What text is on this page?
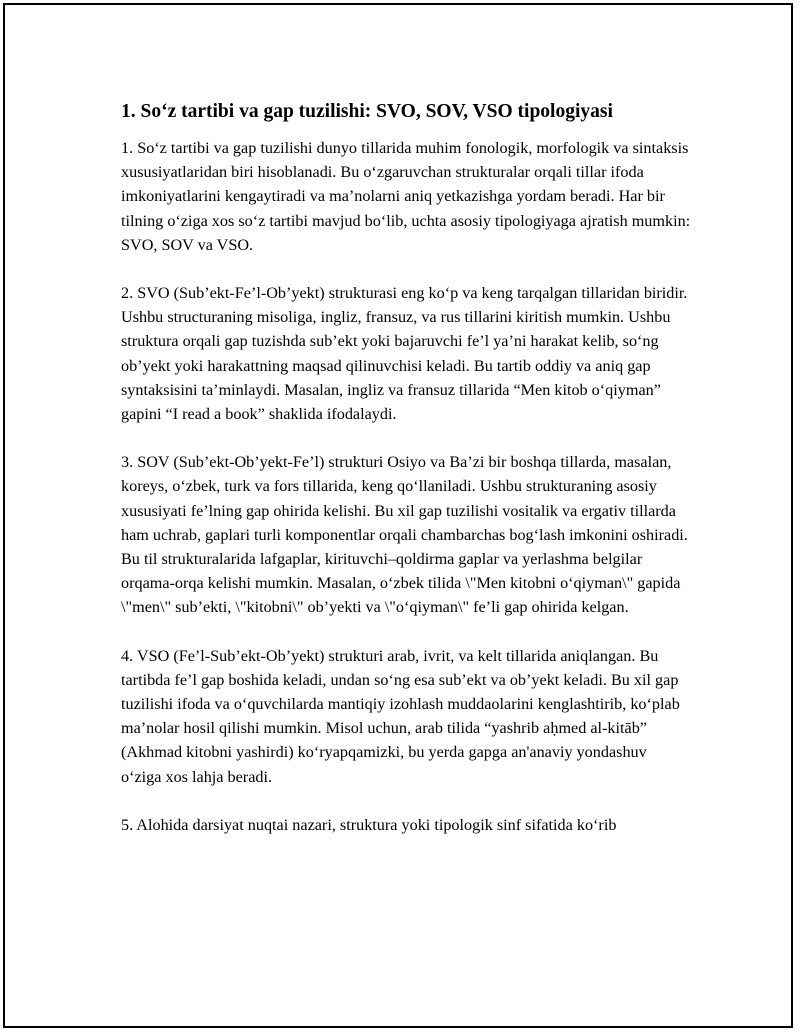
1. So‘z tartibi va gap tuzilishi: SVO, SOV, VSO tipologiyasi

1. So‘z tartibi va gap tuzilishi dunyo tillarida muhim fonologik, morfologik va sintaksis xususiyatlaridan biri hisoblanadi. Bu o‘zgaruvchan strukturalar orqali tillar ifoda imkoniyatlarini kengaytiradi va ma’nolarni aniq yetkazishga yordam beradi. Har bir tilning o‘ziga xos so‘z tartibi mavjud bo‘lib, uchta asosiy tipologiyaga ajratish mumkin: SVO, SOV va VSO.

2. SVO (Sub’ekt-Fe’l-Ob’yekt) strukturasi eng ko‘p va keng tarqalgan tillaridan biridir. Ushbu structuraning misoliga, ingliz, fransuz, va rus tillarini kiritish mumkin. Ushbu struktura orqali gap tuzishda sub’ekt yoki bajaruvchi fe’l ya’ni harakat kelib, so‘ng ob’yekt yoki harakattning maqsad qilinuvchisi keladi. Bu tartib oddiy va aniq gap syntaksisini ta’minlaydi. Masalan, ingliz va fransuz tillarida “Men kitob o‘qiyman” gapini “I read a book” shaklida ifodalaydi.

3. SOV (Sub’ekt-Ob’yekt-Fe’l) strukturi Osiyo va Ba’zi bir boshqa tillarda, masalan, koreys, o‘zbek, turk va fors tillarida, keng qo‘llaniladi. Ushbu strukturaning asosiy xususiyati fe’lning gap ohirida kelishi. Bu xil gap tuzilishi vositalik va ergativ tillarda ham uchrab, gaplari turli komponentlar orqali chambarchas bog‘lash imkonini oshiradi. Bu til strukturalarida lafgaplar, kirituvchi–qoldirma gaplar va yerlashma belgilar orqama-orqa kelishi mumkin. Masalan, o‘zbek tilida \"Men kitobni o‘qiyman\" gapida \"men\" sub’ekti, \"kitobni\" ob’yekti va \"o‘qiyman\" fe’li gap ohirida kelgan.

4. VSO (Fe’l-Sub’ekt-Ob’yekt) strukturi arab, ivrit, va kelt tillarida aniqlangan. Bu tartibda fe’l gap boshida keladi, undan so‘ng esa sub’ekt va ob’yekt keladi. Bu xil gap tuzilishi ifoda va o‘quvchilarda mantiqiy izohlash muddaolarini kenglashtirib, ko‘plab ma’nolar hosil qilishi mumkin. Misol uchun, arab tilida “yashrib aḥmed al-kitāb” (Akhmad kitobni yashirdi) ko‘ryapqamizki, bu yerda gapga an'anaviy yondashuv o‘ziga xos lahja beradi.

5. Alohida darsiyat nuqtai nazari, struktura yoki tipologik sinf sifatida ko‘rib
